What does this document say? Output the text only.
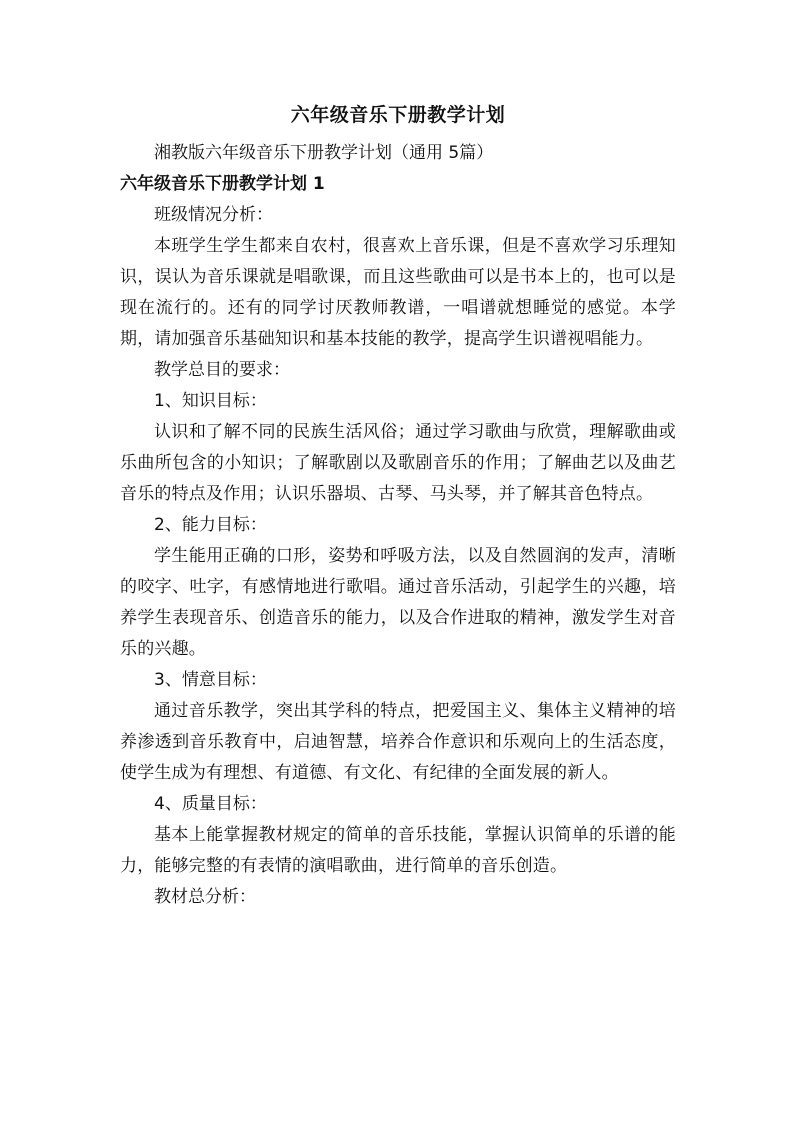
六年级音乐下册教学计划

湘教版六年级音乐下册教学计划（通用 5篇）

六年级音乐下册教学计划 1

班级情况分析：

本班学生学生都来自农村，很喜欢上音乐课，但是不喜欢学习乐理知识，误认为音乐课就是唱歌课，而且这些歌曲可以是书本上的，也可以是现在流行的。还有的同学讨厌教师教谱，一唱谱就想睡觉的感觉。本学期，请加强音乐基础知识和基本技能的教学，提高学生识谱视唱能力。

教学总目的要求：

1、知识目标：

认识和了解不同的民族生活风俗；通过学习歌曲与欣赏，理解歌曲或乐曲所包含的小知识；了解歌剧以及歌剧音乐的作用；了解曲艺以及曲艺音乐的特点及作用；认识乐器埙、古琴、马头琴，并了解其音色特点。

2、能力目标：

学生能用正确的口形，姿势和呼吸方法，以及自然圆润的发声，清晰的咬字、吐字，有感情地进行歌唱。通过音乐活动，引起学生的兴趣，培养学生表现音乐、创造音乐的能力，以及合作进取的精神，激发学生对音乐的兴趣。

3、情意目标：

通过音乐教学，突出其学科的特点，把爱国主义、集体主义精神的培养渗透到音乐教育中，启迪智慧，培养合作意识和乐观向上的生活态度，使学生成为有理想、有道德、有文化、有纪律的全面发展的新人。

4、质量目标：

基本上能掌握教材规定的简单的音乐技能，掌握认识简单的乐谱的能力，能够完整的有表情的演唱歌曲，进行简单的音乐创造。

教材总分析：
